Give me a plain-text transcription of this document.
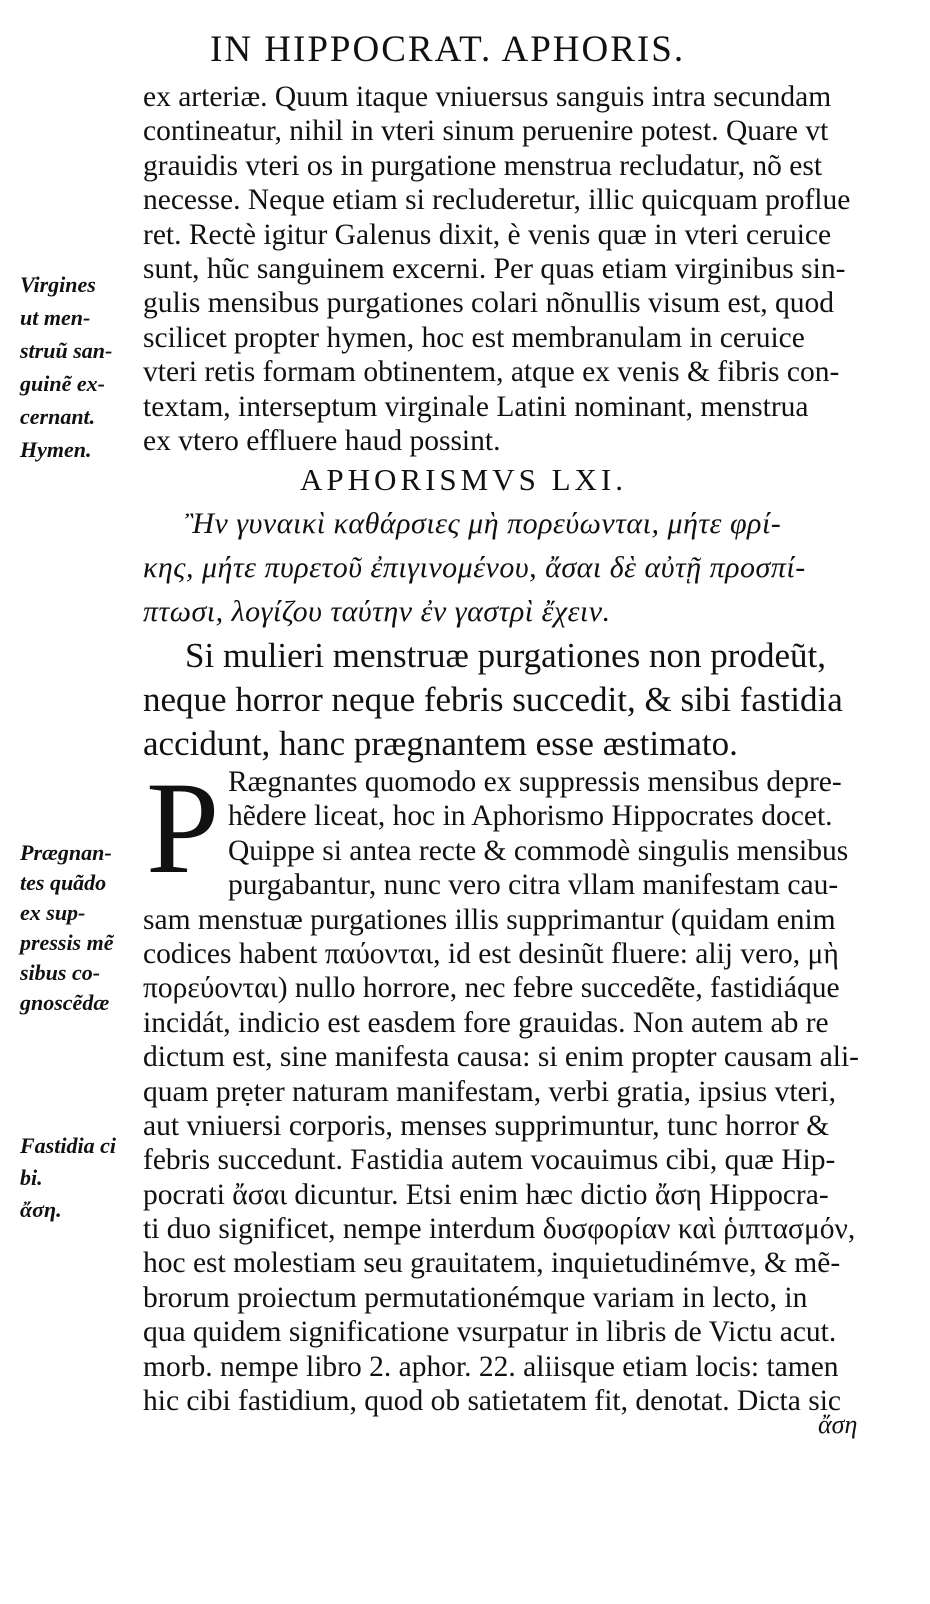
IN HIPPOCRAT. APHORIS.
ex arteriæ. Quum itaque vniuersus sanguis intra secundam
contineatur, nihil in vteri sinum peruenire potest. Quare vt
grauidis vteri os in purgatione menstrua recludatur, nõ est
necesse. Neque etiam si recluderetur, illic quicquam proflue
ret. Rectè igitur Galenus dixit, è venis quæ in vteri ceruice
sunt, hũc sanguinem excerni. Per quas etiam virginibus sin-
gulis mensibus purgationes colari nõnullis visum est, quod
scilicet propter hymen, hoc est membranulam in ceruice
vteri retis formam obtinentem, atque ex venis & fibris con-
textam, interseptum virginale Latini nominant, menstrua
ex vtero effluere haud possint.
APHORISMVS LXI.
Ἢν γυναικὶ καθάρσιες μὴ πορεύωνται, μήτε φρί-
κης, μήτε πυρετοῦ ἐπιγινομένου, ἄσαι δὲ αὐτῇ προσπί-
πτωσι, λογίζου ταύτην ἐν γαστρὶ ἔχειν.
Si mulieri menstruæ purgationes non prodeũt,
neque horror neque febris succedit, & sibi fastidia
accidunt, hanc prægnantem esse æstimato.
P Rægnantes quomodo ex suppressis mensibus depre-
hẽdere liceat, hoc in Aphorismo Hippocrates docet.
Quippe si antea recte & commodè singulis mensibus
purgabantur, nunc vero citra vllam manifestam cau-
sam menstuæ purgationes illis supprimantur (quidam enim
codices habent παύονται, id est desinũt fluere: alij vero, μὴ
πορεύονται) nullo horrore, nec febre succedẽte, fastidiáque
incidát, indicio est easdem fore grauidas. Non autem ab re
dictum est, sine manifesta causa: si enim propter causam ali-
quam prẹter naturam manifestam, verbi gratia, ipsius vteri,
aut vniuersi corporis, menses supprimuntur, tunc horror &
febris succedunt. Fastidia autem vocauimus cibi, quæ Hip-
pocrati ἄσαι dicuntur. Etsi enim hæc dictio ἄση Hippocra-
ti duo significet, nempe interdum δυσφορίαν καὶ ῥιπτασμόν,
hoc est molestiam seu grauitatem, inquietudinémve, & mẽ-
brorum proiectum permutationémque variam in lecto, in
qua quidem significatione vsurpatur in libris de Victu acut.
morb. nempe libro 2. aphor. 22. aliisque etiam locis: tamen
hic cibi fastidium, quod ob satietatem fit, denotat. Dicta sic
ἄση
Virgines
ut men-
struũ san-
guinẽ ex-
cernant.
Hymen.
Prægnan-
tes quãdo
ex sup-
pressis mẽ
sibus co-
gnoscẽdæ
Fastidia ci
bi.
ἄση.
